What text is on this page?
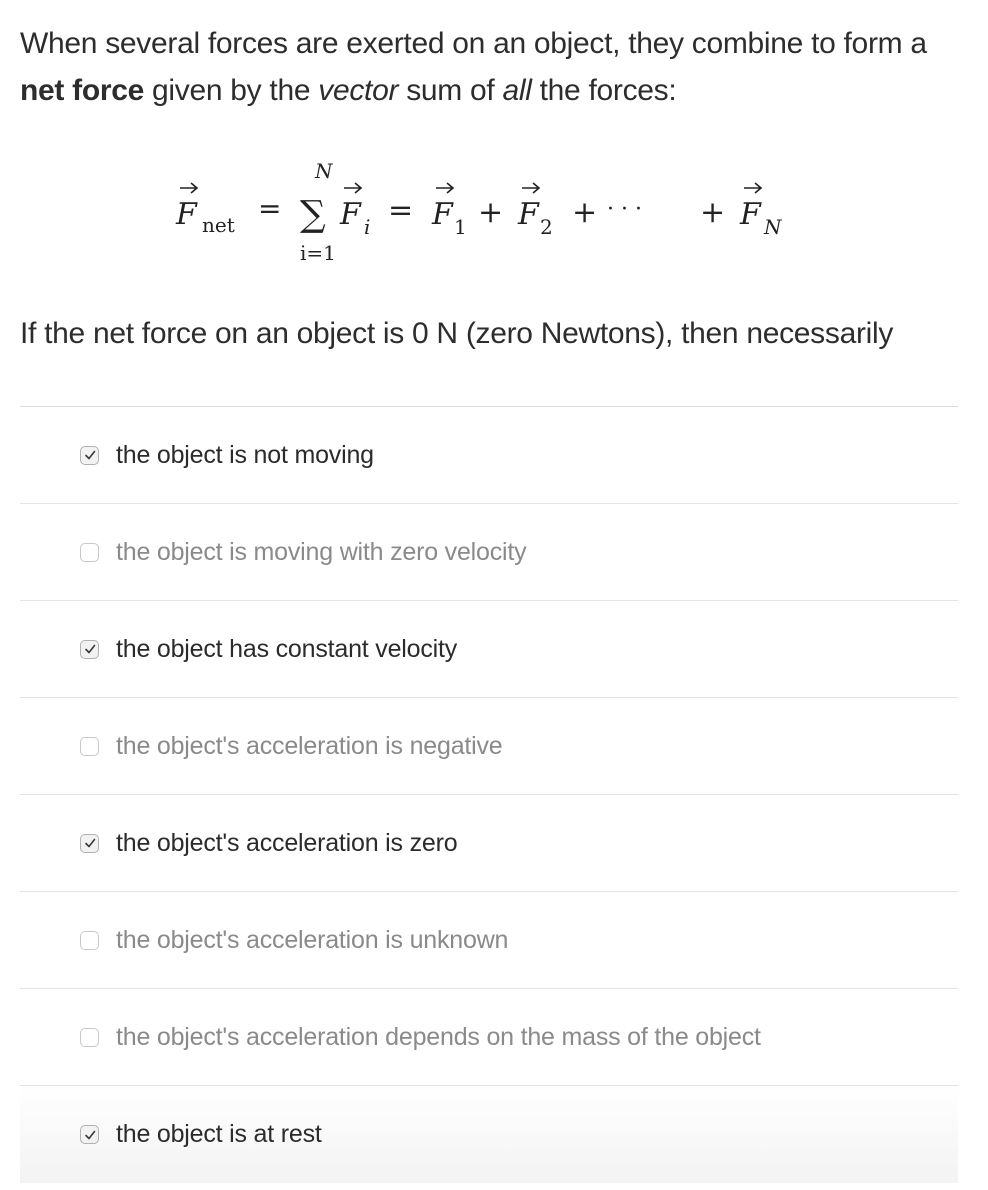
When several forces are exerted on an object, they combine to form a net force given by the vector sum of all the forces:

F net =
N
∑
i=1
F i = F 1 + F 2 + · · · + F N

If the net force on an object is 0 N (zero Newtons), then necessarily

the object is not moving
the object is moving with zero velocity
the object has constant velocity
the object's acceleration is negative
the object's acceleration is zero
the object's acceleration is unknown
the object's acceleration depends on the mass of the object
the object is at rest
